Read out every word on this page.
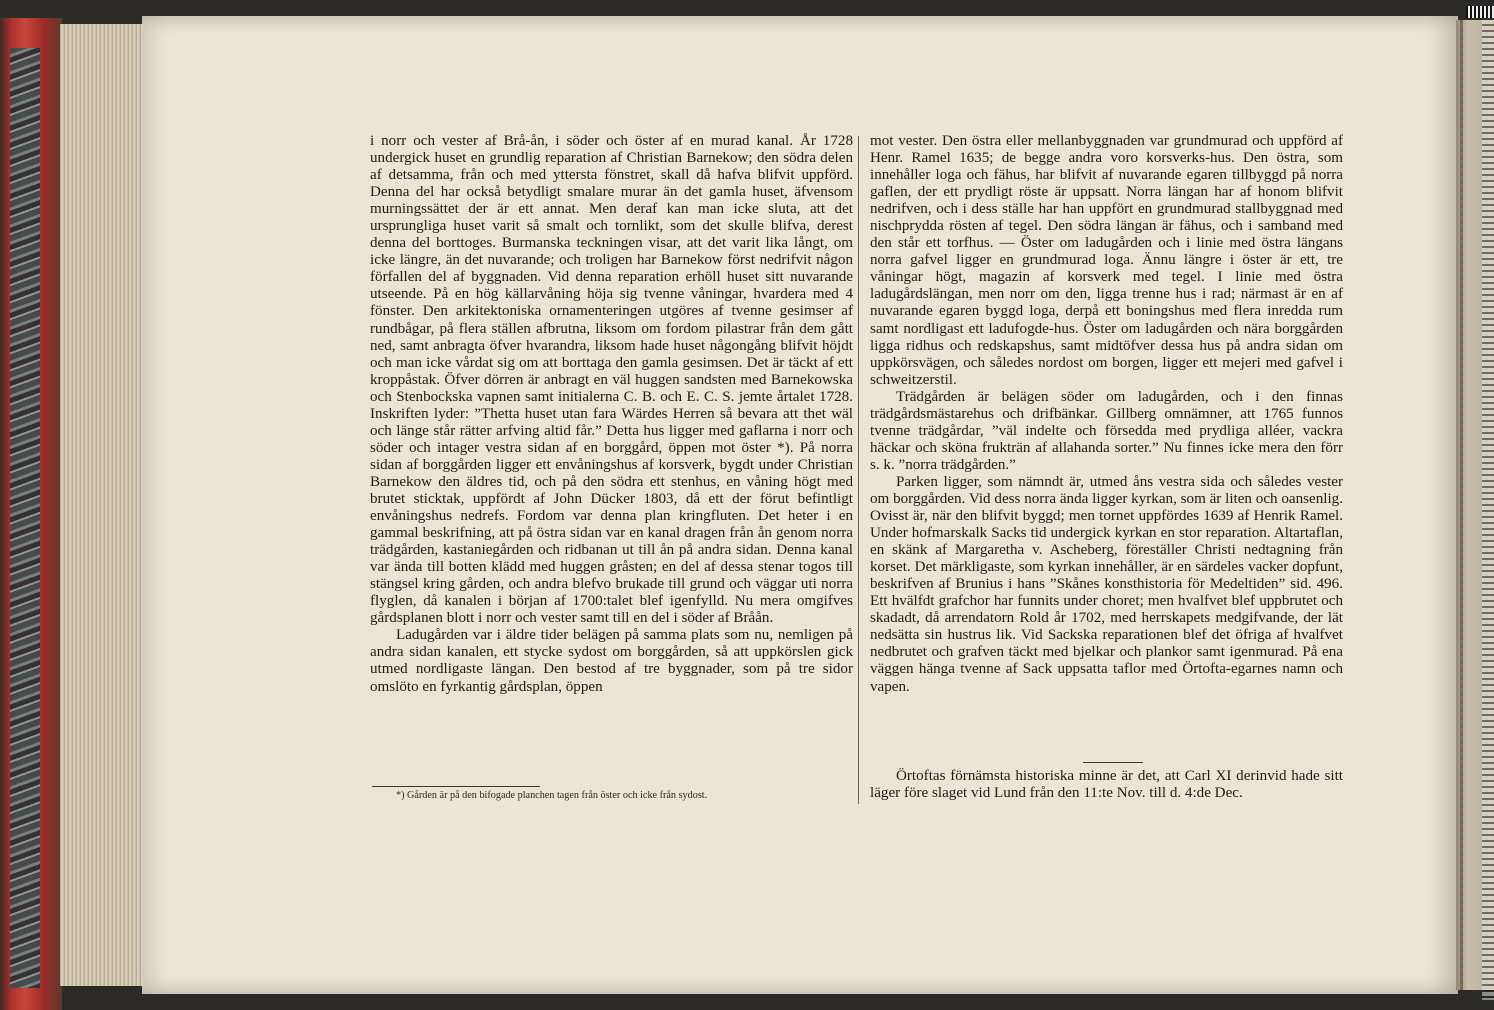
i norr och vester af Brå-ån, i söder och öster af en murad kanal. År 1728 undergick huset en grundlig reparation af Christian Barnekow; den södra delen af detsamma, från och med yttersta fönstret, skall då hafva blifvit uppförd. Denna del har också betydligt smalare murar än det gamla huset, äfvensom murningssättet der är ett annat. Men deraf kan man icke sluta, att det ursprungliga huset varit så smalt och tornlikt, som det skulle blifva, derest denna del borttoges. Burmanska teckningen visar, att det varit lika långt, om icke längre, än det nuvarande; och troligen har Barnekow först nedrifvit någon förfallen del af byggnaden. Vid denna reparation erhöll huset sitt nuvarande utseende. På en hög källarvåning höja sig tvenne våningar, hvardera med 4 fönster. Den arkitektoniska ornamenteringen utgöres af tvenne gesimser af rundbågar, på flera ställen afbrutna, liksom om fordom pilastrar från dem gått ned, samt anbragta öfver hvarandra, liksom hade huset någongång blifvit höjdt och man icke vårdat sig om att borttaga den gamla gesimsen. Det är täckt af ett kroppåstak. Öfver dörren är anbragt en väl huggen sandsten med Barnekowska och Stenbockska vapnen samt initialerna C. B. och E. C. S. jemte årtalet 1728. Inskriften lyder: ”Thetta huset utan fara Wärdes Herren så bevara att thet wäl och länge står rätter arfving altid får.” Detta hus ligger med gaflarna i norr och söder och intager vestra sidan af en borggård, öppen mot öster *). På norra sidan af borggården ligger ett envåningshus af korsverk, bygdt under Christian Barnekow den äldres tid, och på den södra ett stenhus, en våning högt med brutet sticktak, uppfördt af John Dücker 1803, då ett der förut befintligt envåningshus nedrefs. Fordom var denna plan kringfluten. Det heter i en gammal beskrifning, att på östra sidan var en kanal dragen från ån genom norra trädgården, kastaniegården och ridbanan ut till ån på andra sidan. Denna kanal var ända till botten klädd med huggen gråsten; en del af dessa stenar togos till stängsel kring gården, och andra blefvo brukade till grund och väggar uti norra flyglen, då kanalen i början af 1700:talet blef igenfylld. Nu mera omgifves gårdsplanen blott i norr och vester samt till en del i söder af Bråån.

Ladugården var i äldre tider belägen på samma plats som nu, nemligen på andra sidan kanalen, ett stycke sydost om borggården, så att uppkörslen gick utmed nordligaste längan. Den bestod af tre byggnader, som på tre sidor omslöto en fyrkantig gårdsplan, öppen

mot vester. Den östra eller mellanbyggnaden var grundmurad och uppförd af Henr. Ramel 1635; de begge andra voro korsverks-hus. Den östra, som innehåller loga och fähus, har blifvit af nuvarande egaren tillbyggd på norra gaflen, der ett prydligt röste är uppsatt. Norra längan har af honom blifvit nedrifven, och i dess ställe har han uppfört en grundmurad stallbyggnad med nischprydda rösten af tegel. Den södra längan är fähus, och i samband med den står ett torfhus. — Öster om ladugården och i linie med östra längans norra gafvel ligger en grundmurad loga. Ännu längre i öster är ett, tre våningar högt, magazin af korsverk med tegel. I linie med östra ladugårdslängan, men norr om den, ligga trenne hus i rad; närmast är en af nuvarande egaren byggd loga, derpå ett boningshus med flera inredda rum samt nordligast ett ladufogde-hus. Öster om ladugården och nära borggården ligga ridhus och redskapshus, samt midtöfver dessa hus på andra sidan om uppkörsvägen, och således nordost om borgen, ligger ett mejeri med gafvel i schweitzerstil.

Trädgården är belägen söder om ladugården, och i den finnas trädgårdsmästarehus och drifbänkar. Gillberg omnämner, att 1765 funnos tvenne trädgårdar, ”väl indelte och försedda med prydliga alléer, vackra häckar och sköna frukträn af allahanda sorter.” Nu finnes icke mera den förr s. k. ”norra trädgården.”

Parken ligger, som nämndt är, utmed åns vestra sida och således vester om borggården. Vid dess norra ända ligger kyrkan, som är liten och oansenlig. Ovisst är, när den blifvit byggd; men tornet uppfördes 1639 af Henrik Ramel. Under hofmarskalk Sacks tid undergick kyrkan en stor reparation. Altartaflan, en skänk af Margaretha v. Ascheberg, föreställer Christi nedtagning från korset. Det märkligaste, som kyrkan innehåller, är en särdeles vacker dopfunt, beskrifven af Brunius i hans ”Skånes konsthistoria för Medeltiden” sid. 496. Ett hvälfdt grafchor har funnits under choret; men hvalfvet blef uppbrutet och skadadt, då arrendatorn Rold år 1702, med herrskapets medgifvande, der lät nedsätta sin hustrus lik. Vid Sackska reparationen blef det öfriga af hvalfvet nedbrutet och grafven täckt med bjelkar och plankor samt igenmurad. På ena väggen hänga tvenne af Sack uppsatta taflor med Örtofta-egarnes namn och vapen.

*) Gården är på den bifogade planchen tagen från öster och icke från sydost.

Örtoftas förnämsta historiska minne är det, att Carl XI derinvid hade sitt läger före slaget vid Lund från den 11:te Nov. till d. 4:de Dec.
